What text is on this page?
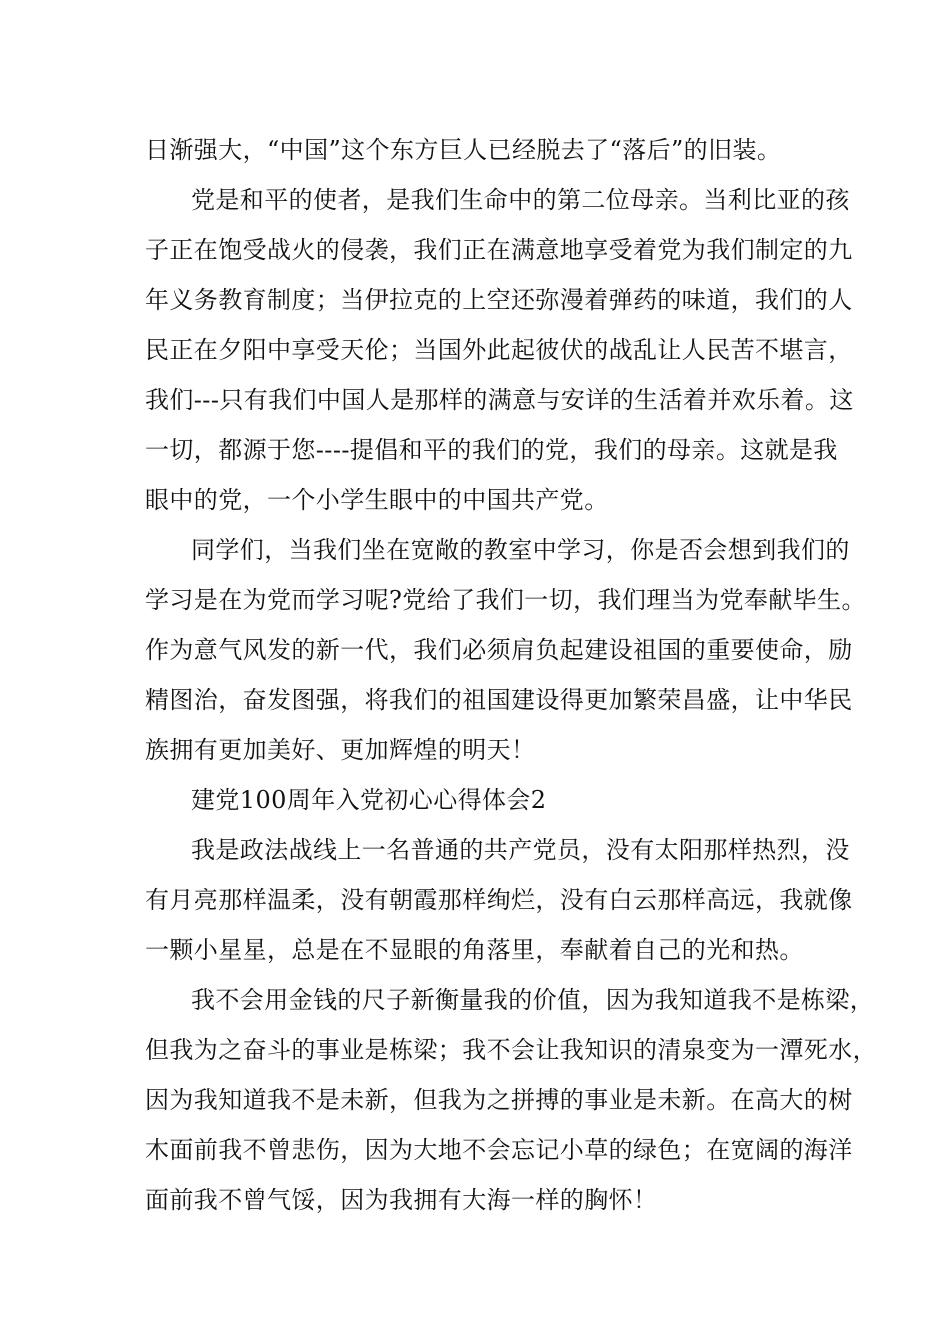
日渐强大，“中国”这个东方巨人已经脱去了“落后”的旧装。
党是和平的使者，是我们生命中的第二位母亲。当利比亚的孩
子正在饱受战火的侵袭，我们正在满意地享受着党为我们制定的九
年义务教育制度；当伊拉克的上空还弥漫着弹药的味道，我们的人
民正在夕阳中享受天伦；当国外此起彼伏的战乱让人民苦不堪言，
我们---只有我们中国人是那样的满意与安详的生活着并欢乐着。这
一切，都源于您----提倡和平的我们的党，我们的母亲。这就是我
眼中的党，一个小学生眼中的中国共产党。
同学们，当我们坐在宽敞的教室中学习，你是否会想到我们的
学习是在为党而学习呢?党给了我们一切，我们理当为党奉献毕生。
作为意气风发的新一代，我们必须肩负起建设祖国的重要使命，励
精图治，奋发图强，将我们的祖国建设得更加繁荣昌盛，让中华民
族拥有更加美好、更加辉煌的明天！
建党100周年入党初心心得体会2
我是政法战线上一名普通的共产党员，没有太阳那样热烈，没
有月亮那样温柔，没有朝霞那样绚烂，没有白云那样高远，我就像
一颗小星星，总是在不显眼的角落里，奉献着自己的光和热。
我不会用金钱的尺子新衡量我的价值，因为我知道我不是栋梁，
但我为之奋斗的事业是栋梁；我不会让我知识的清泉变为一潭死水，
因为我知道我不是未新，但我为之拼搏的事业是未新。在高大的树
木面前我不曾悲伤，因为大地不会忘记小草的绿色；在宽阔的海洋
面前我不曾气馁，因为我拥有大海一样的胸怀！
